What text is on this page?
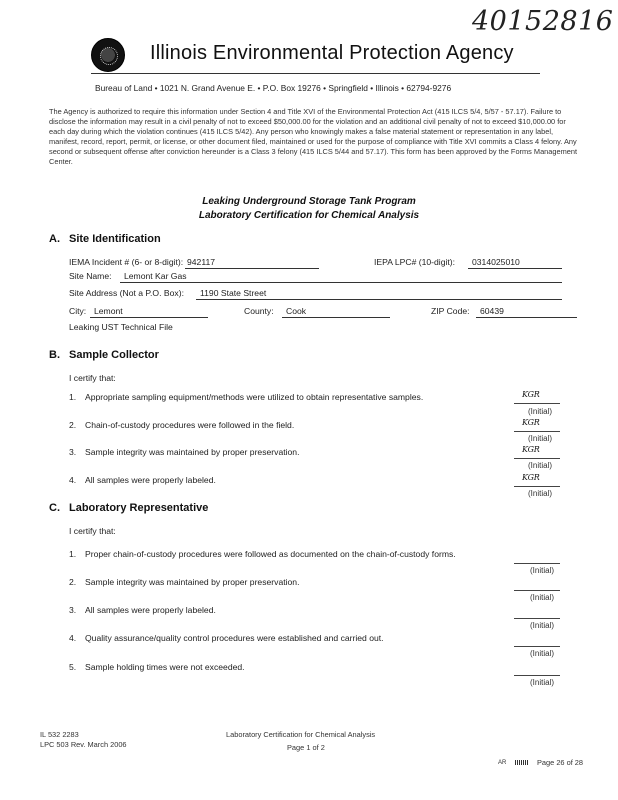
40152816
Illinois Environmental Protection Agency
Bureau of Land • 1021 N. Grand Avenue E. • P.O. Box 19276 • Springfield • Illinois • 62794-9276
The Agency is authorized to require this information under Section 4 and Title XVI of the Environmental Protection Act (415 ILCS 5/4, 5/57 - 57.17). Failure to disclose the information may result in a civil penalty of not to exceed $50,000.00 for the violation and an additional civil penalty of not to exceed $10,000.00 for each day during which the violation continues (415 ILCS 5/42). Any person who knowingly makes a false material statement or representation in any label, manifest, record, report, permit, or license, or other document filed, maintained or used for the purpose of compliance with Title XVI commits a Class 4 felony. Any second or subsequent offense after conviction hereunder is a Class 3 felony (415 ILCS 5/44 and 57.17). This form has been approved by the Forms Management Center.
Leaking Underground Storage Tank Program
Laboratory Certification for Chemical Analysis
A. Site Identification
IEMA Incident # (6- or 8-digit): 942117	IEPA LPC# (10-digit): 0314025010
Site Name: Lemont Kar Gas
Site Address (Not a P.O. Box): 1190 State Street
City: Lemont	County: Cook	ZIP Code: 60439
Leaking UST Technical File
B. Sample Collector
I certify that:
1. Appropriate sampling equipment/methods were utilized to obtain representative samples.	KGR
(Initial)
2. Chain-of-custody procedures were followed in the field.	KGR
(Initial)
3. Sample integrity was maintained by proper preservation.	KGR
(Initial)
4. All samples were properly labeled.	KGR
(Initial)
C. Laboratory Representative
I certify that:
1. Proper chain-of-custody procedures were followed as documented on the chain-of-custody forms.
(Initial)
2. Sample integrity was maintained by proper preservation.
(Initial)
3. All samples were properly labeled.
(Initial)
4. Quality assurance/quality control procedures were established and carried out.
(Initial)
5. Sample holding times were not exceeded.
(Initial)
IL 532 2283
LPC 503 Rev. March 2006
Laboratory Certification for Chemical Analysis
Page 1 of 2
AR	Page 26 of 28
